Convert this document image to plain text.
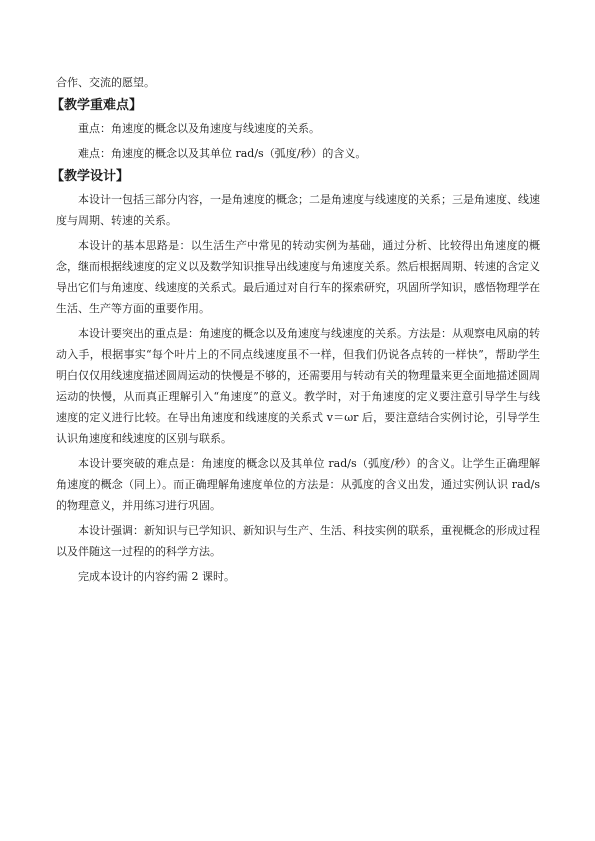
合作、交流的愿望。

【教学重难点】

重点：角速度的概念以及角速度与线速度的关系。

难点：角速度的概念以及其单位 rad/s（弧度/秒）的含义。

【教学设计】

本设计一包括三部分内容，一是角速度的概念；二是角速度与线速度的关系；三是角速度、线速度与周期、转速的关系。

本设计的基本思路是：以生活生产中常见的转动实例为基础，通过分析、比较得出角速度的概念，继而根据线速度的定义以及数学知识推导出线速度与角速度关系。然后根据周期、转速的含定义导出它们与角速度、线速度的关系式。最后通过对自行车的探索研究，巩固所学知识，感悟物理学在生活、生产等方面的重要作用。

本设计要突出的重点是：角速度的概念以及角速度与线速度的关系。方法是：从观察电风扇的转动入手，根据事实“每个叶片上的不同点线速度虽不一样，但我们仍说各点转的一样快”，帮助学生明白仅仅用线速度描述圆周运动的快慢是不够的，还需要用与转动有关的物理量来更全面地描述圆周运动的快慢，从而真正理解引入“角速度”的意义。教学时，对于角速度的定义要注意引导学生与线速度的定义进行比较。在导出角速度和线速度的关系式 v＝ωr 后，要注意结合实例讨论，引导学生认识角速度和线速度的区别与联系。

本设计要突破的难点是：角速度的概念以及其单位 rad/s（弧度/秒）的含义。让学生正确理解角速度的概念（同上）。而正确理解角速度单位的方法是：从弧度的含义出发，通过实例认识 rad/s 的物理意义，并用练习进行巩固。

本设计强调：新知识与已学知识、新知识与生产、生活、科技实例的联系，重视概念的形成过程以及伴随这一过程的的科学方法。

完成本设计的内容约需 2 课时。
